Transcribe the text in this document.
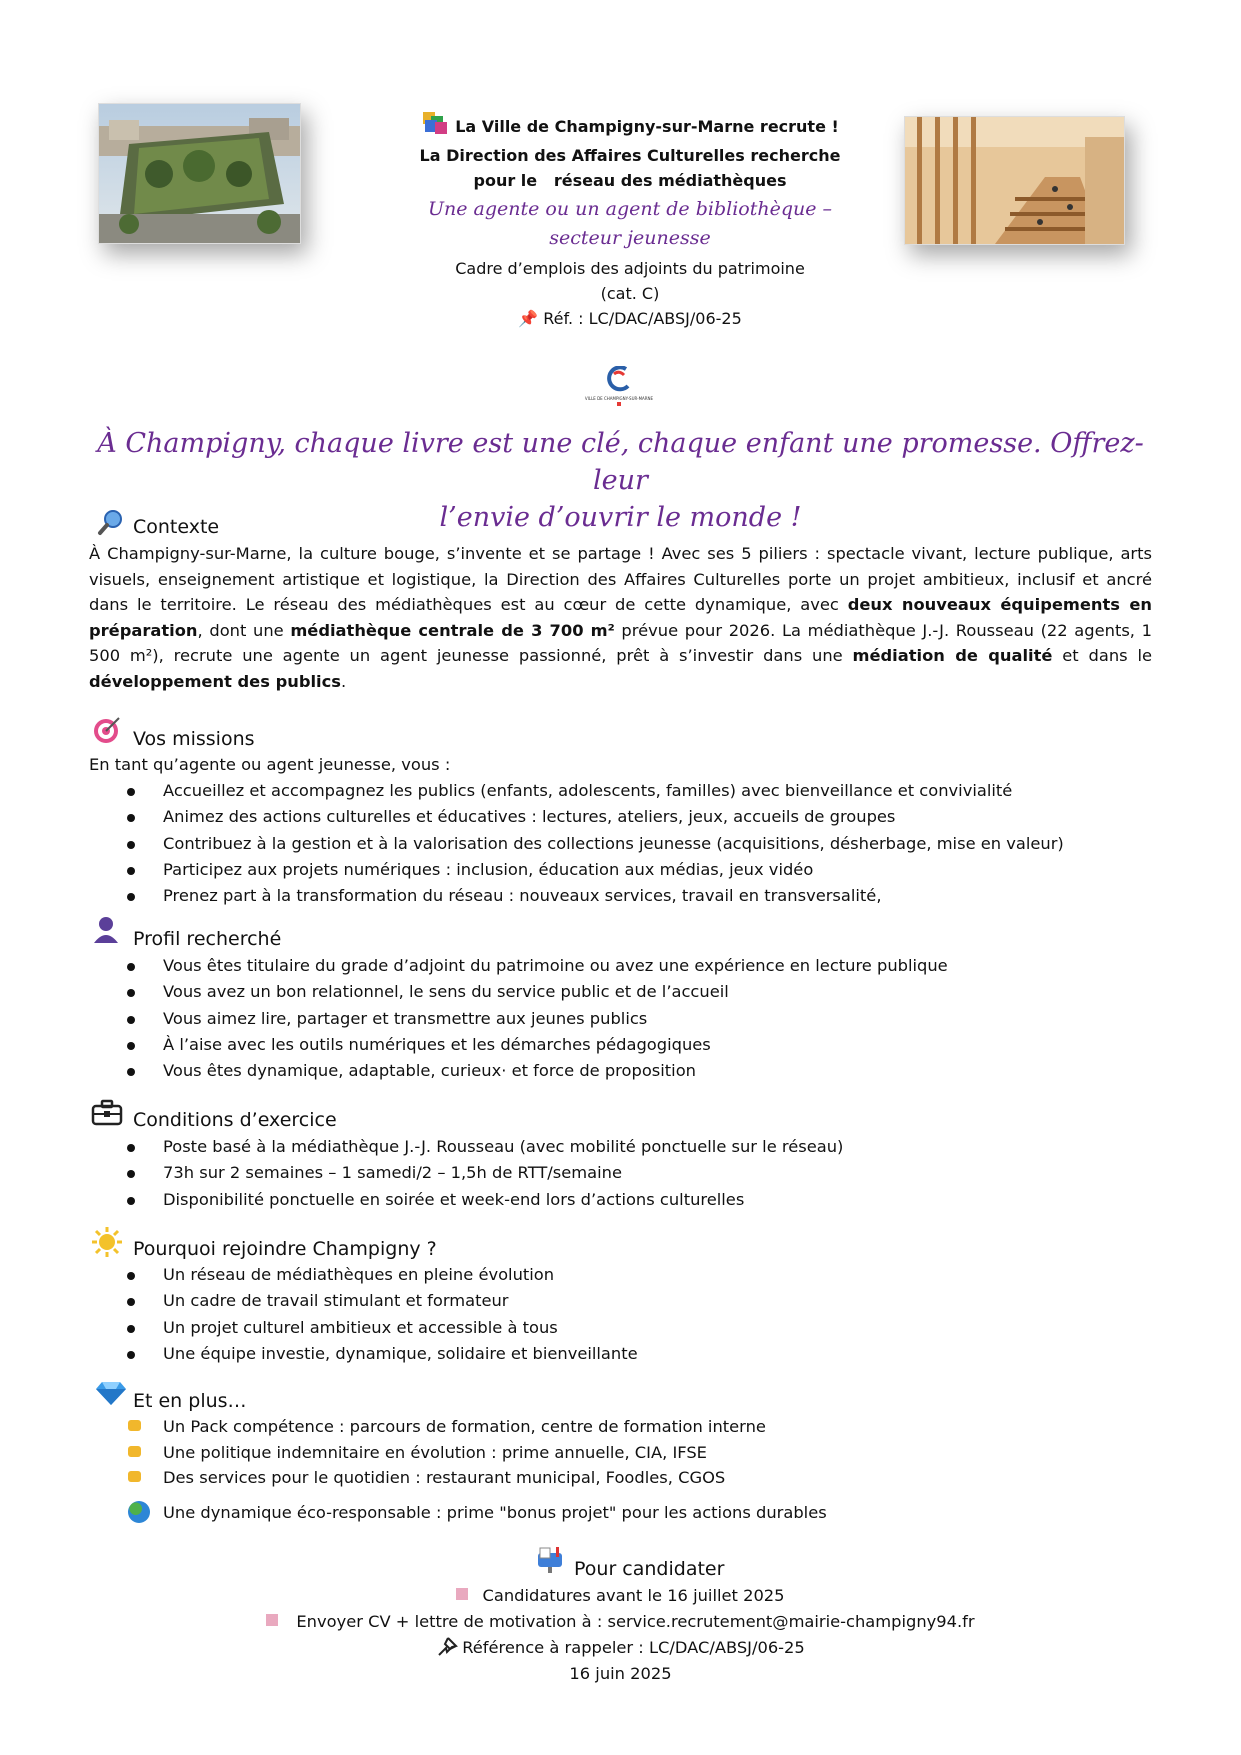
La Ville de Champigny-sur-Marne recrute !
La Direction des Affaires Culturelles recherche
pour le   réseau des médiathèques
Une agente ou un agent de bibliothèque –
secteur jeunesse
Cadre d’emplois des adjoints du patrimoine
(cat. C)
📌 Réf. : LC/DAC/ABSJ/06-25
VILLE DE CHAMPIGNY-SUR-MARNE
À Champigny, chaque livre est une clé, chaque enfant une promesse. Offrez-leur
l’envie d’ouvrir le monde !
Contexte
À Champigny-sur-Marne, la culture bouge, s’invente et se partage ! Avec ses 5 piliers : spectacle vivant, lecture publique, arts visuels, enseignement artistique et logistique, la Direction des Affaires Culturelles porte un projet ambitieux, inclusif et ancré dans le territoire. Le réseau des médiathèques est au cœur de cette dynamique, avec deux nouveaux équipements en préparation, dont une médiathèque centrale de 3 700 m² prévue pour 2026. La médiathèque J.-J. Rousseau (22 agents, 1 500 m²), recrute une agente un agent jeunesse passionné, prêt à s’investir dans une médiation de qualité et dans le développement des publics.
Vos missions
En tant qu’agente ou agent jeunesse, vous :
Accueillez et accompagnez les publics (enfants, adolescents, familles) avec bienveillance et convivialité
Animez des actions culturelles et éducatives : lectures, ateliers, jeux, accueils de groupes
Contribuez à la gestion et à la valorisation des collections jeunesse (acquisitions, désherbage, mise en valeur)
Participez aux projets numériques : inclusion, éducation aux médias, jeux vidéo
Prenez part à la transformation du réseau : nouveaux services, travail en transversalité,
Profil recherché
Vous êtes titulaire du grade d’adjoint du patrimoine ou avez une expérience en lecture publique
Vous avez un bon relationnel, le sens du service public et de l’accueil
Vous aimez lire, partager et transmettre aux jeunes publics
À l’aise avec les outils numériques et les démarches pédagogiques
Vous êtes dynamique, adaptable, curieux· et force de proposition
Conditions d’exercice
Poste basé à la médiathèque J.-J. Rousseau (avec mobilité ponctuelle sur le réseau)
73h sur 2 semaines – 1 samedi/2 – 1,5h de RTT/semaine
Disponibilité ponctuelle en soirée et week-end lors d’actions culturelles
Pourquoi rejoindre Champigny ?
Un réseau de médiathèques en pleine évolution
Un cadre de travail stimulant et formateur
Un projet culturel ambitieux et accessible à tous
Une équipe investie, dynamique, solidaire et bienveillante
Et en plus…
Un Pack compétence : parcours de formation, centre de formation interne
Une politique indemnitaire en évolution : prime annuelle, CIA, IFSE
Des services pour le quotidien : restaurant municipal, Foodles, CGOS
Une dynamique éco-responsable : prime "bonus projet" pour les actions durables
Pour candidater
Candidatures avant le 16 juillet 2025
Envoyer CV + lettre de motivation à : service.recrutement@mairie-champigny94.fr
Référence à rappeler : LC/DAC/ABSJ/06-25
16 juin 2025
